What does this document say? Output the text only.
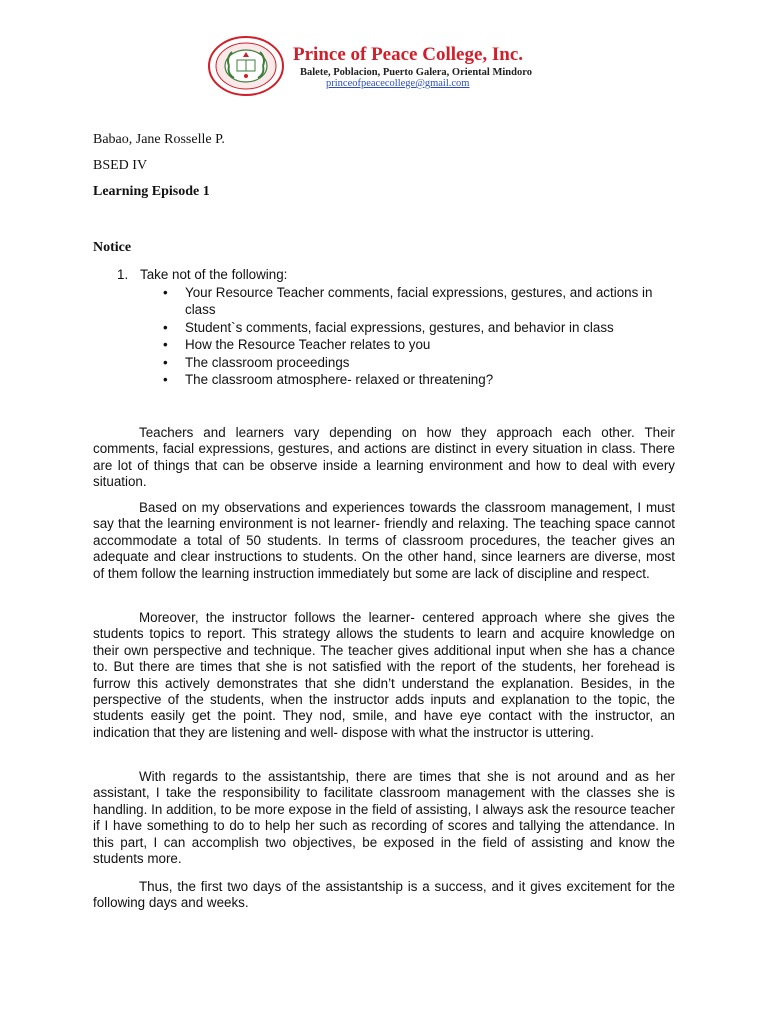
Prince of Peace College, Inc.
Balete, Poblacion, Puerto Galera, Oriental Mindoro
princeofpeacecollege@gmail.com
Babao, Jane Rosselle P.
BSED IV
Learning Episode 1
Notice
1. Take not of the following:
• Your Resource Teacher comments, facial expressions, gestures, and actions in class
• Student`s comments, facial expressions, gestures, and behavior in class
• How the Resource Teacher relates to you
• The classroom proceedings
• The classroom atmosphere- relaxed or threatening?

Teachers and learners vary depending on how they approach each other. Their comments, facial expressions, gestures, and actions are distinct in every situation in class. There are lot of things that can be observe inside a learning environment and how to deal with every situation.

Based on my observations and experiences towards the classroom management, I must say that the learning environment is not learner- friendly and relaxing. The teaching space cannot accommodate a total of 50 students. In terms of classroom procedures, the teacher gives an adequate and clear instructions to students. On the other hand, since learners are diverse, most of them follow the learning instruction immediately but some are lack of discipline and respect.

Moreover, the instructor follows the learner- centered approach where she gives the students topics to report. This strategy allows the students to learn and acquire knowledge on their own perspective and technique. The teacher gives additional input when she has a chance to. But there are times that she is not satisfied with the report of the students, her forehead is furrow this actively demonstrates that she didn’t understand the explanation. Besides, in the perspective of the students, when the instructor adds inputs and explanation to the topic, the students easily get the point. They nod, smile, and have eye contact with the instructor, an indication that they are listening and well- dispose with what the instructor is uttering.

With regards to the assistantship, there are times that she is not around and as her assistant, I take the responsibility to facilitate classroom management with the classes she is handling. In addition, to be more expose in the field of assisting, I always ask the resource teacher if I have something to do to help her such as recording of scores and tallying the attendance. In this part, I can accomplish two objectives, be exposed in the field of assisting and know the students more.

Thus, the first two days of the assistantship is a success, and it gives excitement for the following days and weeks.
